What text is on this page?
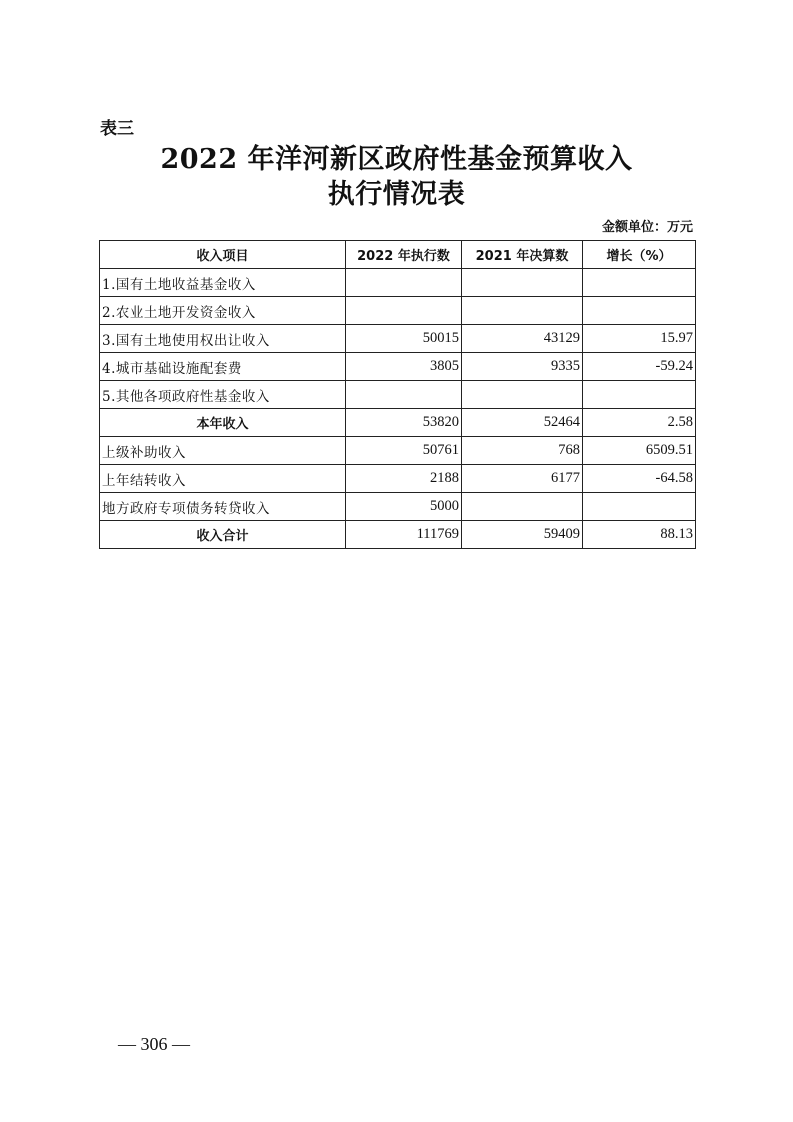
表三
2022 年洋河新区政府性基金预算收入
执行情况表
金额单位：万元
收入项目	2022 年执行数	2021 年决算数	增长（%）
1.国有土地收益基金收入			
2.农业土地开发资金收入			
3.国有土地使用权出让收入	50015	43129	15.97
4.城市基础设施配套费	3805	9335	-59.24
5.其他各项政府性基金收入			
本年收入	53820	52464	2.58
上级补助收入	50761	768	6509.51
上年结转收入	2188	6177	-64.58
地方政府专项债务转贷收入	5000		
收入合计	111769	59409	88.13
— 306 —
